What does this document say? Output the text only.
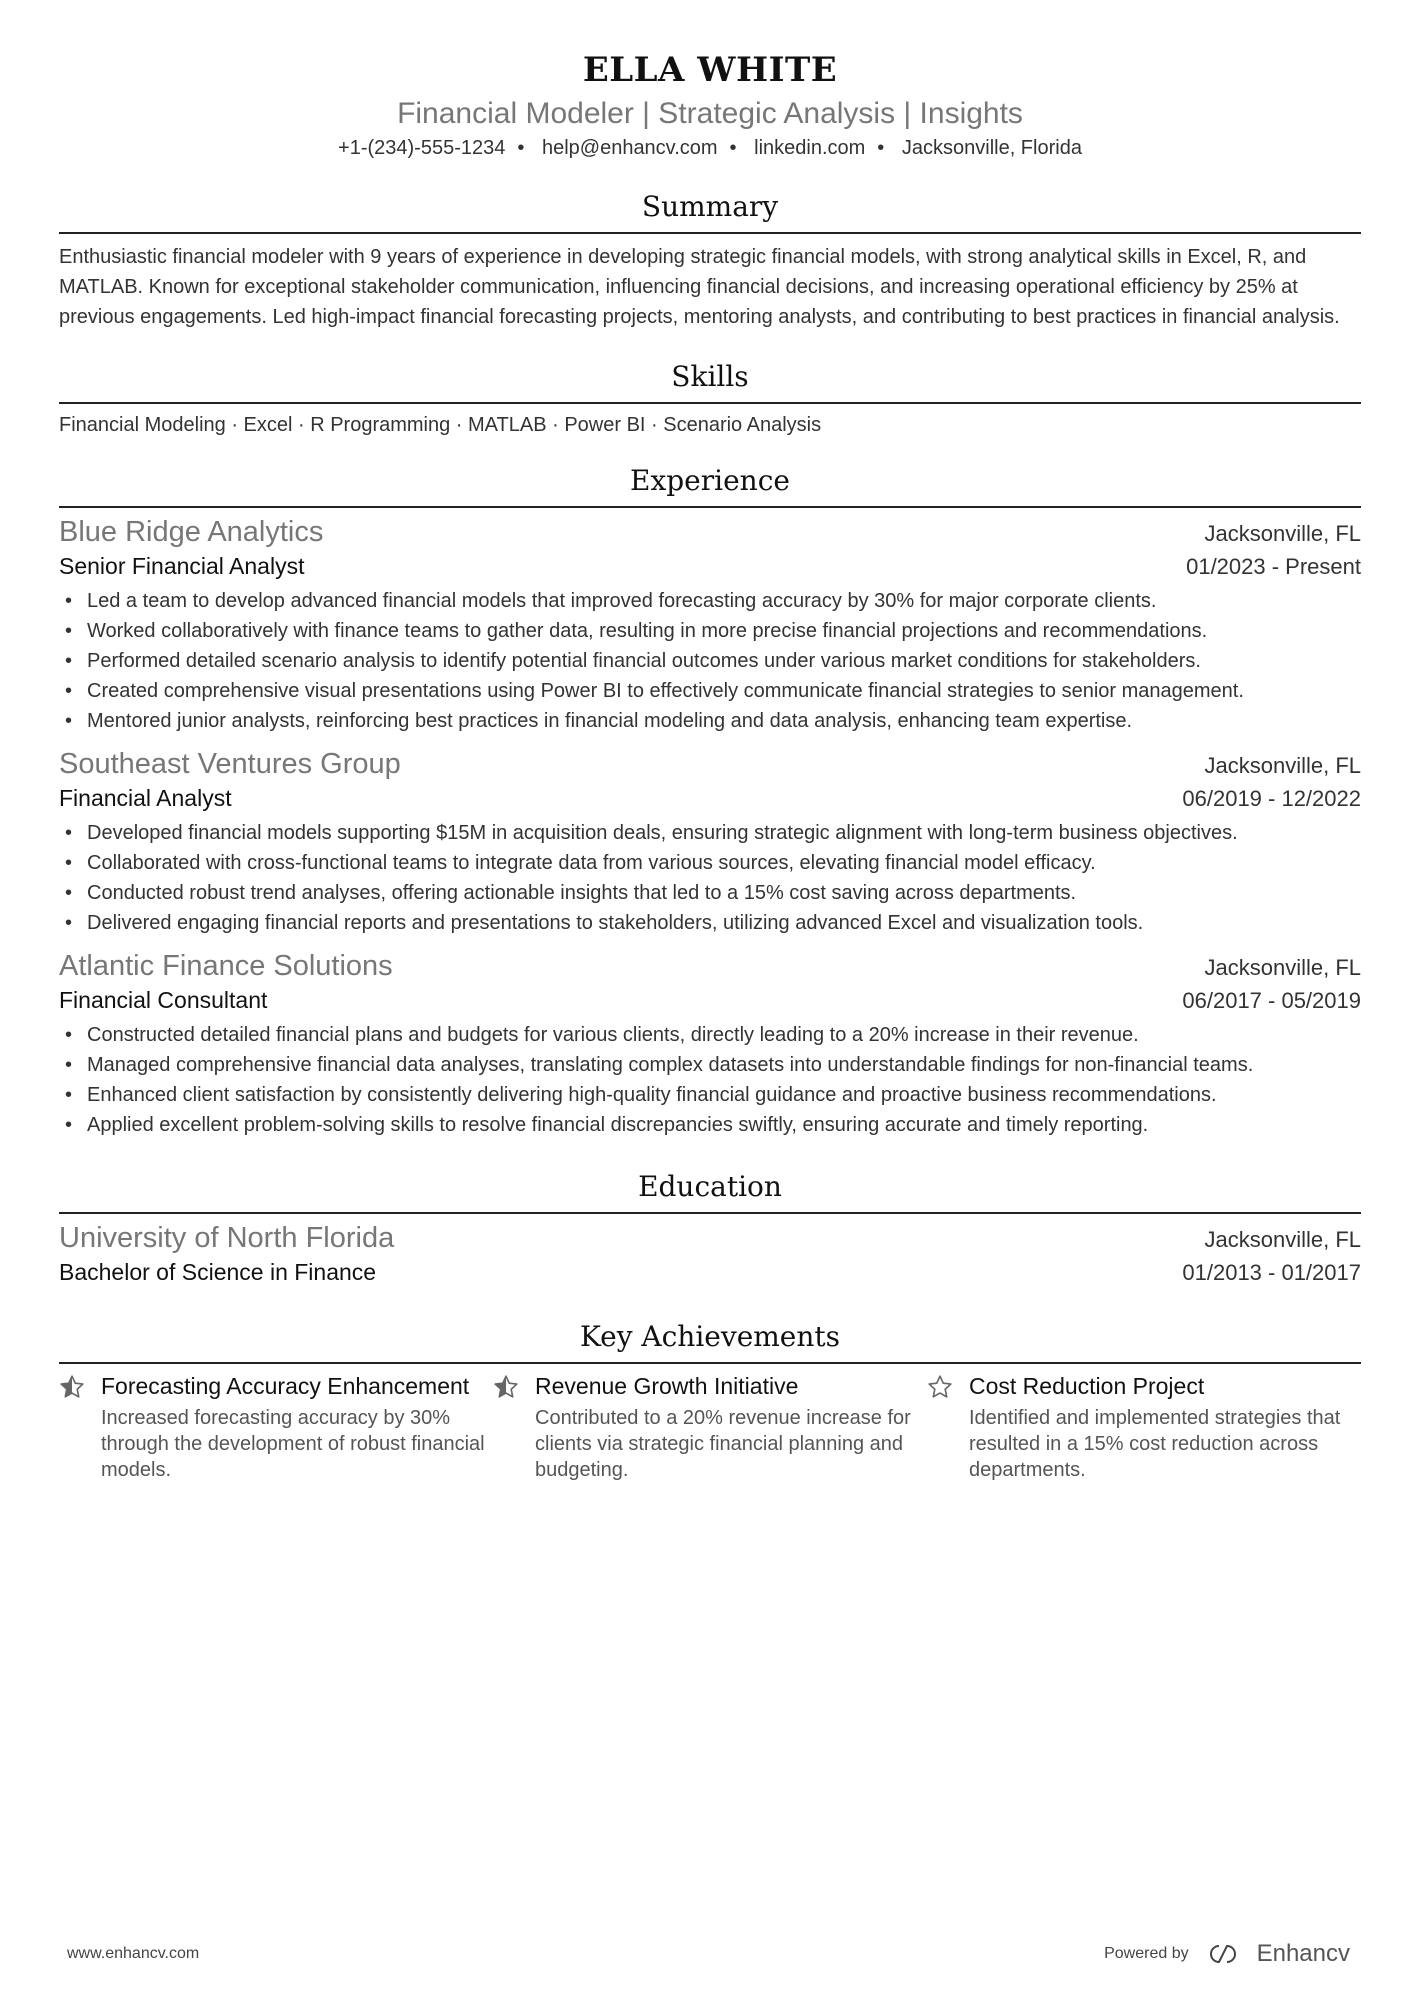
ELLA WHITE
Financial Modeler | Strategic Analysis | Insights
+1-(234)-555-1234 • help@enhancv.com • linkedin.com • Jacksonville, Florida
Summary
Enthusiastic financial modeler with 9 years of experience in developing strategic financial models, with strong analytical skills in Excel, R, and MATLAB. Known for exceptional stakeholder communication, influencing financial decisions, and increasing operational efficiency by 25% at previous engagements. Led high-impact financial forecasting projects, mentoring analysts, and contributing to best practices in financial analysis.
Skills
Financial Modeling · Excel · R Programming · MATLAB · Power BI · Scenario Analysis
Experience
Blue Ridge Analytics	Jacksonville, FL
Senior Financial Analyst	01/2023 - Present
• Led a team to develop advanced financial models that improved forecasting accuracy by 30% for major corporate clients.
• Worked collaboratively with finance teams to gather data, resulting in more precise financial projections and recommendations.
• Performed detailed scenario analysis to identify potential financial outcomes under various market conditions for stakeholders.
• Created comprehensive visual presentations using Power BI to effectively communicate financial strategies to senior management.
• Mentored junior analysts, reinforcing best practices in financial modeling and data analysis, enhancing team expertise.
Southeast Ventures Group	Jacksonville, FL
Financial Analyst	06/2019 - 12/2022
• Developed financial models supporting $15M in acquisition deals, ensuring strategic alignment with long-term business objectives.
• Collaborated with cross-functional teams to integrate data from various sources, elevating financial model efficacy.
• Conducted robust trend analyses, offering actionable insights that led to a 15% cost saving across departments.
• Delivered engaging financial reports and presentations to stakeholders, utilizing advanced Excel and visualization tools.
Atlantic Finance Solutions	Jacksonville, FL
Financial Consultant	06/2017 - 05/2019
• Constructed detailed financial plans and budgets for various clients, directly leading to a 20% increase in their revenue.
• Managed comprehensive financial data analyses, translating complex datasets into understandable findings for non-financial teams.
• Enhanced client satisfaction by consistently delivering high-quality financial guidance and proactive business recommendations.
• Applied excellent problem-solving skills to resolve financial discrepancies swiftly, ensuring accurate and timely reporting.
Education
University of North Florida	Jacksonville, FL
Bachelor of Science in Finance	01/2013 - 01/2017
Key Achievements
Forecasting Accuracy Enhancement
Increased forecasting accuracy by 30% through the development of robust financial models.
Revenue Growth Initiative
Contributed to a 20% revenue increase for clients via strategic financial planning and budgeting.
Cost Reduction Project
Identified and implemented strategies that resulted in a 15% cost reduction across departments.
www.enhancv.com	Powered by	Enhancv
